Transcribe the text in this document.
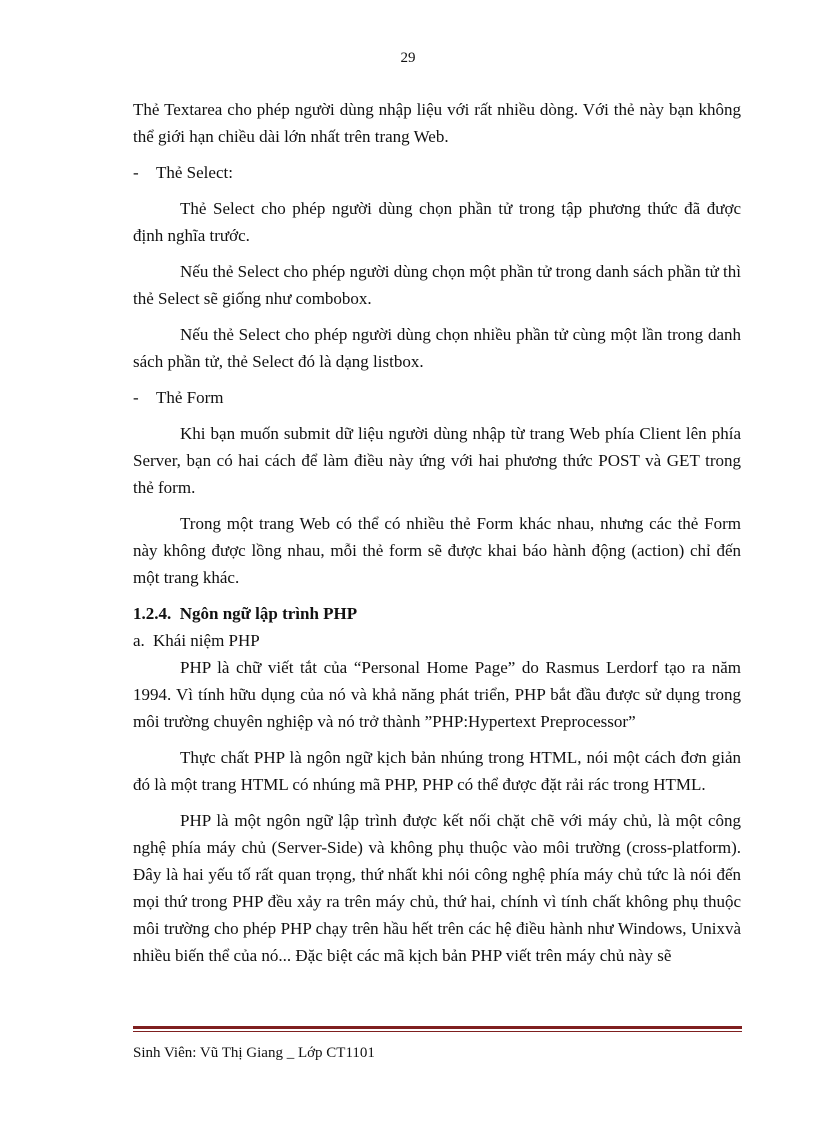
29

Thẻ Textarea cho phép người dùng nhập liệu với rất nhiều dòng. Với thẻ này bạn không thể giới hạn chiều dài lớn nhất trên trang Web.

- Thẻ Select:

Thẻ Select cho phép người dùng chọn phần tử trong tập phương thức đã được định nghĩa trước.

Nếu thẻ Select cho phép người dùng chọn một phần tử trong danh sách phần tử thì thẻ Select sẽ giống như combobox.

Nếu thẻ Select cho phép người dùng chọn nhiều phần tử cùng một lần trong danh sách phần tử, thẻ Select đó là dạng listbox.

- Thẻ Form

Khi bạn muốn submit dữ liệu người dùng nhập từ trang Web phía Client lên phía Server, bạn có hai cách để làm điều này ứng với hai phương thức POST và GET trong thẻ form.

Trong một trang Web có thể có nhiều thẻ Form khác nhau, nhưng các thẻ Form này không được lồng nhau, mỗi thẻ form sẽ được khai báo hành động (action) chỉ đến một trang khác.

1.2.4. Ngôn ngữ lập trình PHP
a. Khái niệm PHP

PHP là chữ viết tắt của “Personal Home Page” do Rasmus Lerdorf tạo ra năm 1994. Vì tính hữu dụng của nó và khả năng phát triển, PHP bắt đầu được sử dụng trong môi trường chuyên nghiệp và nó trở thành ”PHP:Hypertext Preprocessor”

Thực chất PHP là ngôn ngữ kịch bản nhúng trong HTML, nói một cách đơn giản đó là một trang HTML có nhúng mã PHP, PHP có thể được đặt rải rác trong HTML.

PHP là một ngôn ngữ lập trình được kết nối chặt chẽ với máy chủ, là một công nghệ phía máy chủ (Server-Side) và không phụ thuộc vào môi trường (cross-platform). Đây là hai yếu tố rất quan trọng, thứ nhất khi nói công nghệ phía máy chủ tức là nói đến mọi thứ trong PHP đều xảy ra trên máy chủ, thứ hai, chính vì tính chất không phụ thuộc môi trường cho phép PHP chạy trên hầu hết trên các hệ điều hành như Windows, Unixvà nhiều biến thể của nó... Đặc biệt các mã kịch bản PHP viết trên máy chủ này sẽ

Sinh Viên: Vũ Thị Giang _ Lớp CT1101
